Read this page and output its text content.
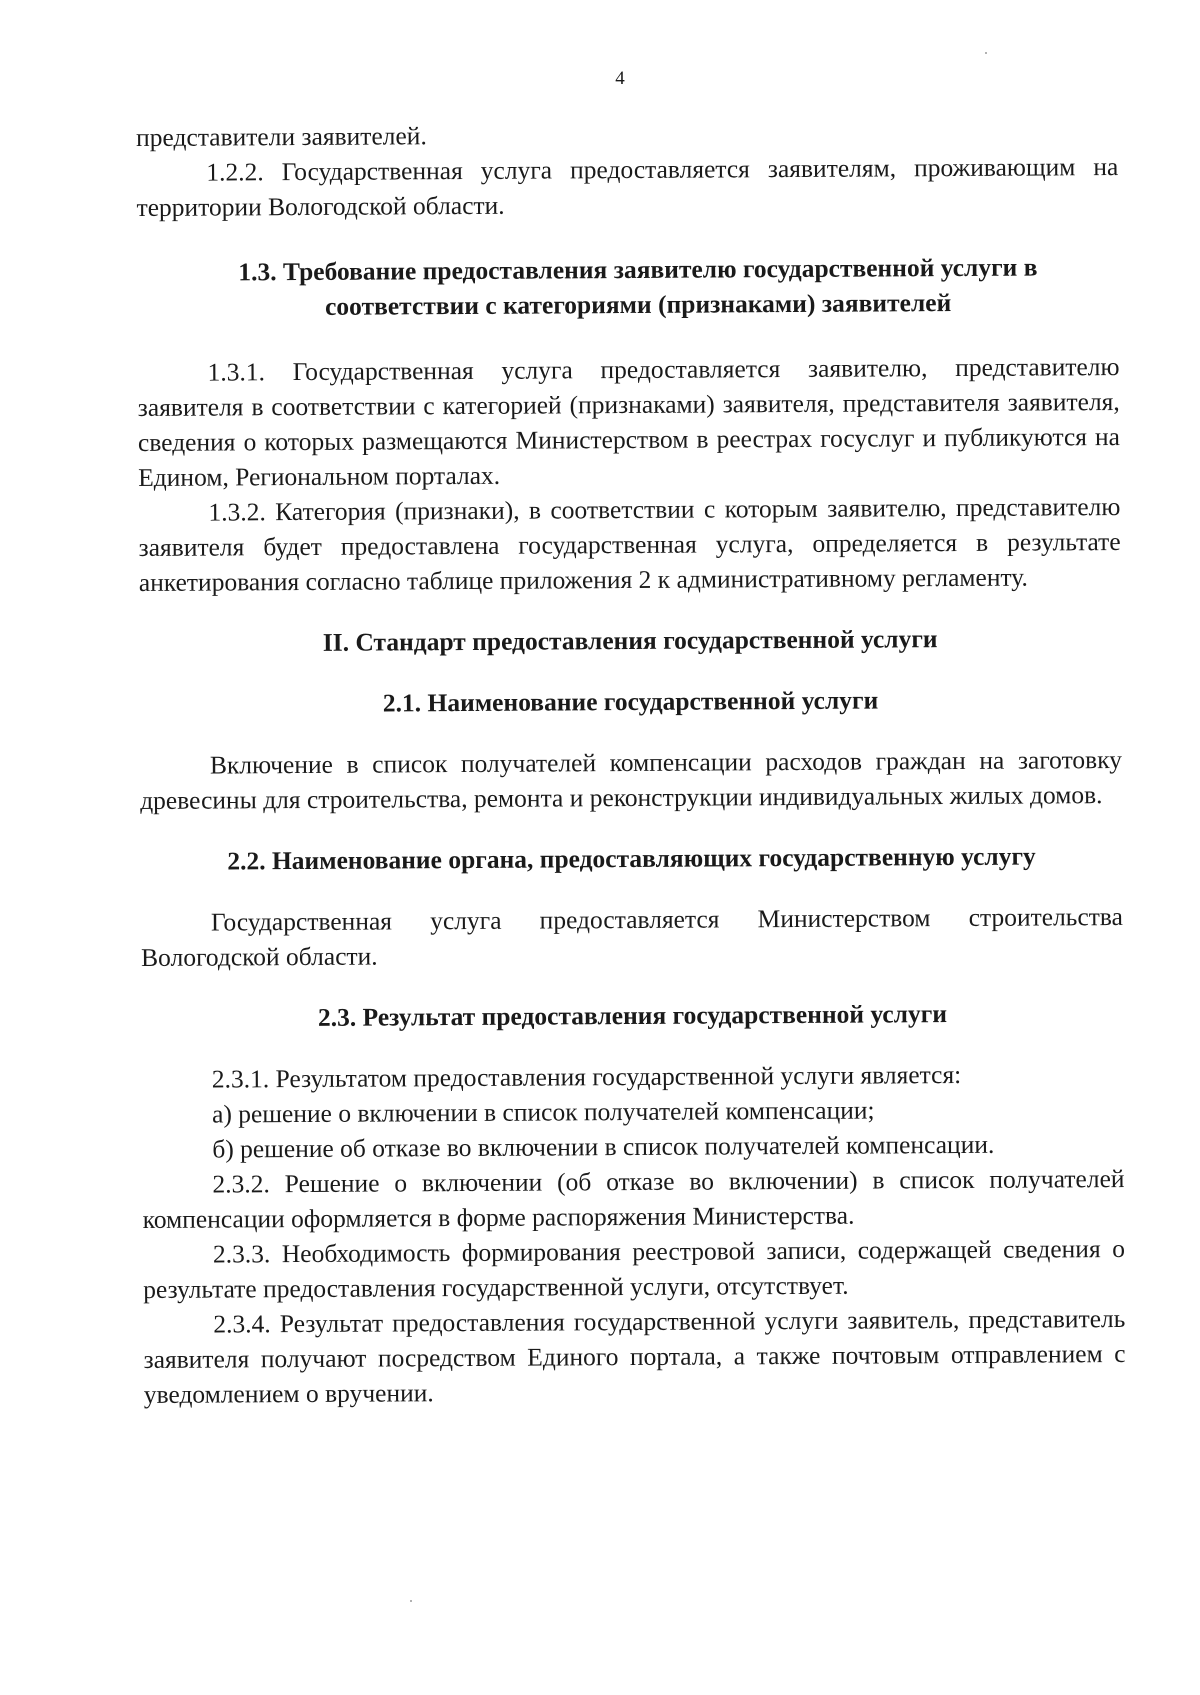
4

представители заявителей.

1.2.2. Государственная услуга предоставляется заявителям, проживающим на территории Вологодской области.

1.3. Требование предоставления заявителю государственной услуги в соответствии с категориями (признаками) заявителей

1.3.1. Государственная услуга предоставляется заявителю, представителю заявителя в соответствии с категорией (признаками) заявителя, представителя заявителя, сведения о которых размещаются Министерством в реестрах госуслуг и публикуются на Едином, Региональном порталах.

1.3.2. Категория (признаки), в соответствии с которым заявителю, представителю заявителя будет предоставлена государственная услуга, определяется в результате анкетирования согласно таблице приложения 2 к административному регламенту.

II. Стандарт предоставления государственной услуги
2.1. Наименование государственной услуги

Включение в список получателей компенсации расходов граждан на заготовку древесины для строительства, ремонта и реконструкции индивидуальных жилых домов.

2.2. Наименование органа, предоставляющих государственную услугу

Государственная услуга предоставляется Министерством строительства Вологодской области.

2.3. Результат предоставления государственной услуги

2.3.1. Результатом предоставления государственной услуги является:

а) решение о включении в список получателей компенсации;

б) решение об отказе во включении в список получателей компенсации.

2.3.2. Решение о включении (об отказе во включении) в список получателей компенсации оформляется в форме распоряжения Министерства.

2.3.3. Необходимость формирования реестровой записи, содержащей сведения о результате предоставления государственной услуги, отсутствует.

2.3.4. Результат предоставления государственной услуги заявитель, представитель заявителя получают посредством Единого портала, а также почтовым отправлением с уведомлением о вручении.
